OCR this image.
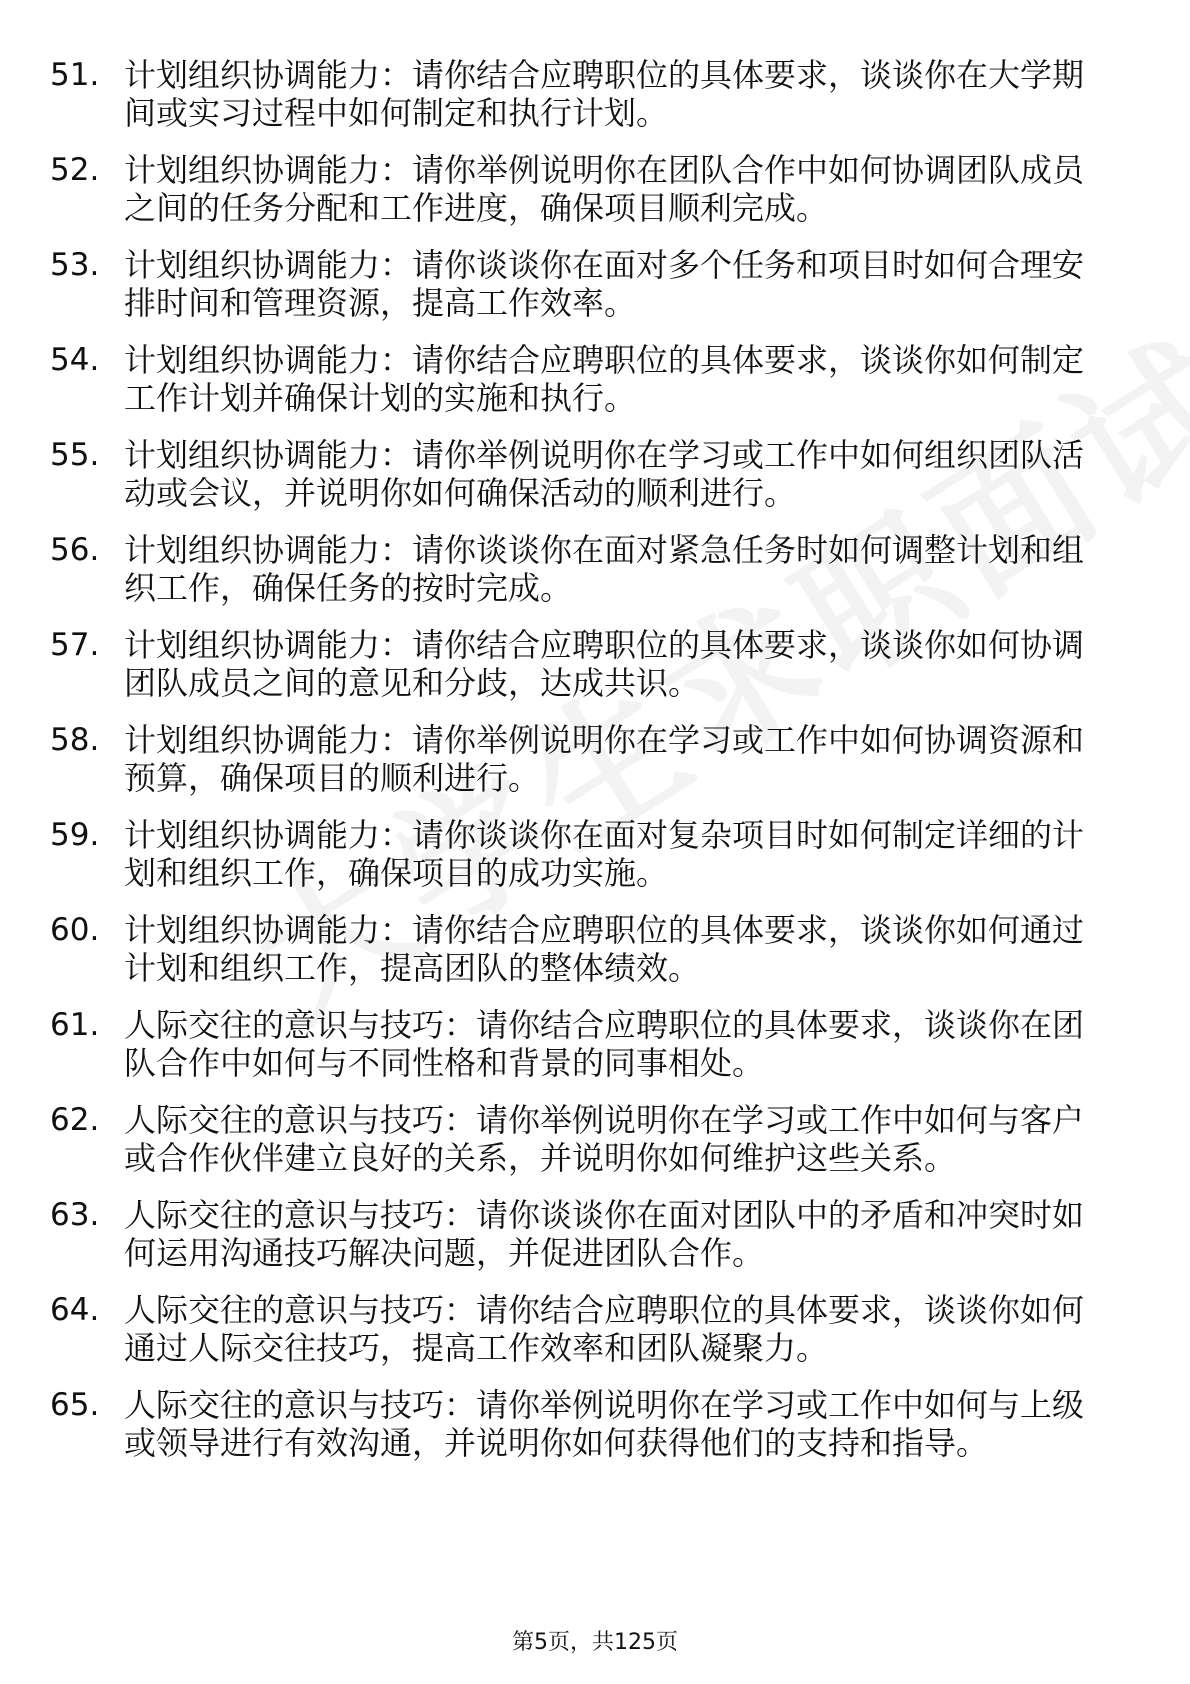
51. 计划组织协调能力：请你结合应聘职位的具体要求，谈谈你在大学期间或实习过程中如何制定和执行计划。
52. 计划组织协调能力：请你举例说明你在团队合作中如何协调团队成员之间的任务分配和工作进度，确保项目顺利完成。
53. 计划组织协调能力：请你谈谈你在面对多个任务和项目时如何合理安排时间和管理资源，提高工作效率。
54. 计划组织协调能力：请你结合应聘职位的具体要求，谈谈你如何制定工作计划并确保计划的实施和执行。
55. 计划组织协调能力：请你举例说明你在学习或工作中如何组织团队活动或会议，并说明你如何确保活动的顺利进行。
56. 计划组织协调能力：请你谈谈你在面对紧急任务时如何调整计划和组织工作，确保任务的按时完成。
57. 计划组织协调能力：请你结合应聘职位的具体要求，谈谈你如何协调团队成员之间的意见和分歧，达成共识。
58. 计划组织协调能力：请你举例说明你在学习或工作中如何协调资源和预算，确保项目的顺利进行。
59. 计划组织协调能力：请你谈谈你在面对复杂项目时如何制定详细的计划和组织工作，确保项目的成功实施。
60. 计划组织协调能力：请你结合应聘职位的具体要求，谈谈你如何通过计划和组织工作，提高团队的整体绩效。
61. 人际交往的意识与技巧：请你结合应聘职位的具体要求，谈谈你在团队合作中如何与不同性格和背景的同事相处。
62. 人际交往的意识与技巧：请你举例说明你在学习或工作中如何与客户或合作伙伴建立良好的关系，并说明你如何维护这些关系。
63. 人际交往的意识与技巧：请你谈谈你在面对团队中的矛盾和冲突时如何运用沟通技巧解决问题，并促进团队合作。
64. 人际交往的意识与技巧：请你结合应聘职位的具体要求，谈谈你如何通过人际交往技巧，提高工作效率和团队凝聚力。
65. 人际交往的意识与技巧：请你举例说明你在学习或工作中如何与上级或领导进行有效沟通，并说明你如何获得他们的支持和指导。
第5页，共125页
